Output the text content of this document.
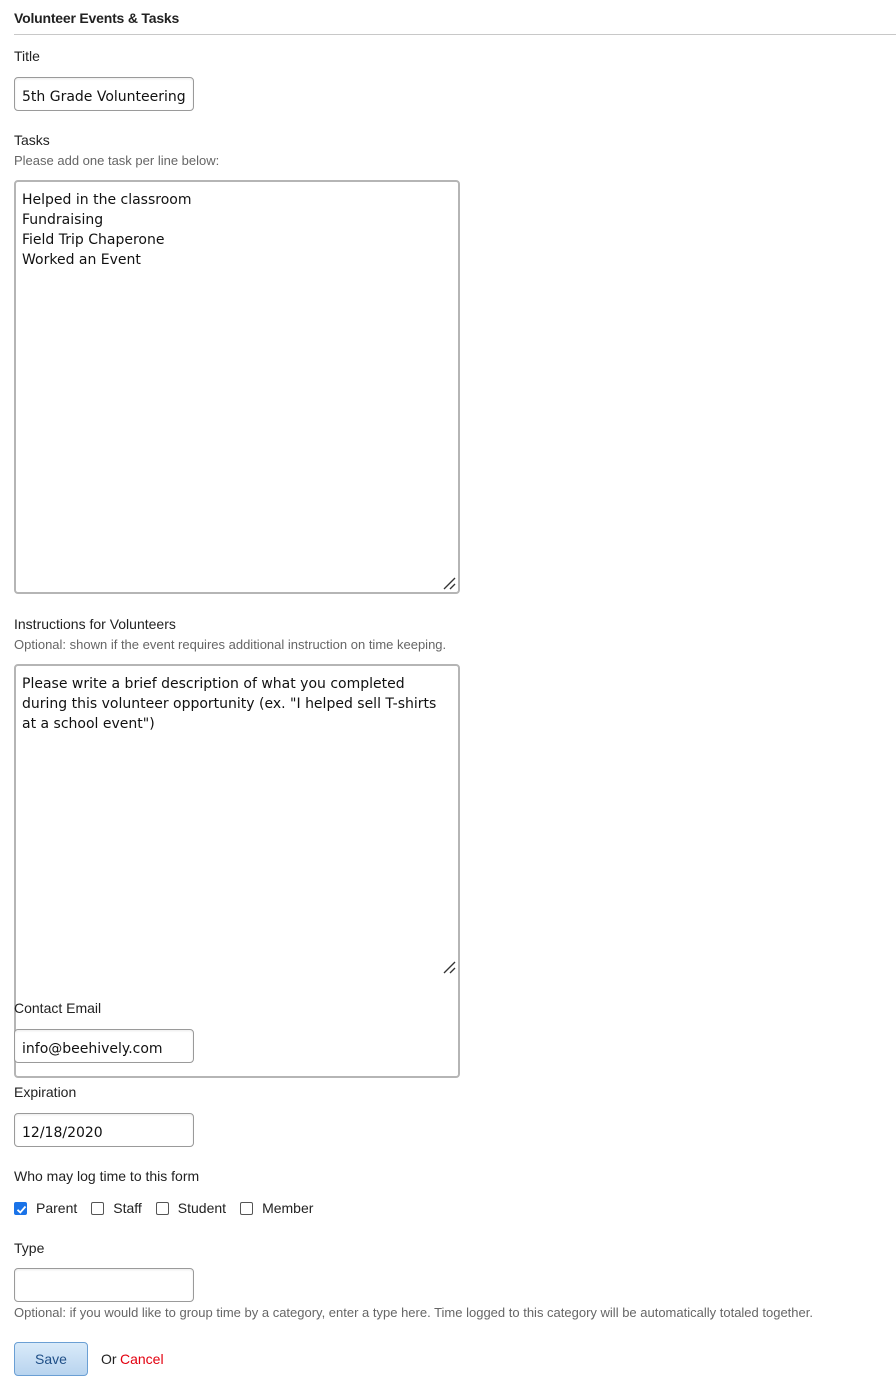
Volunteer Events & Tasks
Title
5th Grade Volunteering
Tasks
Please add one task per line below:
Helped in the classroom Fundraising Field Trip Chaperone Worked an Event
Instructions for Volunteers
Optional: shown if the event requires additional instruction on time keeping.
Please write a brief description of what you completed during this volunteer opportunity (ex. "I helped sell T-shirts at a school event")
Contact Email
info@beehively.com
Expiration
12/18/2020
Who may log time to this form
Parent	Staff	Student	Member
Type
Optional: if you would like to group time by a category, enter a type here. Time logged to this category will be automatically totaled together.
Save	Or Cancel
